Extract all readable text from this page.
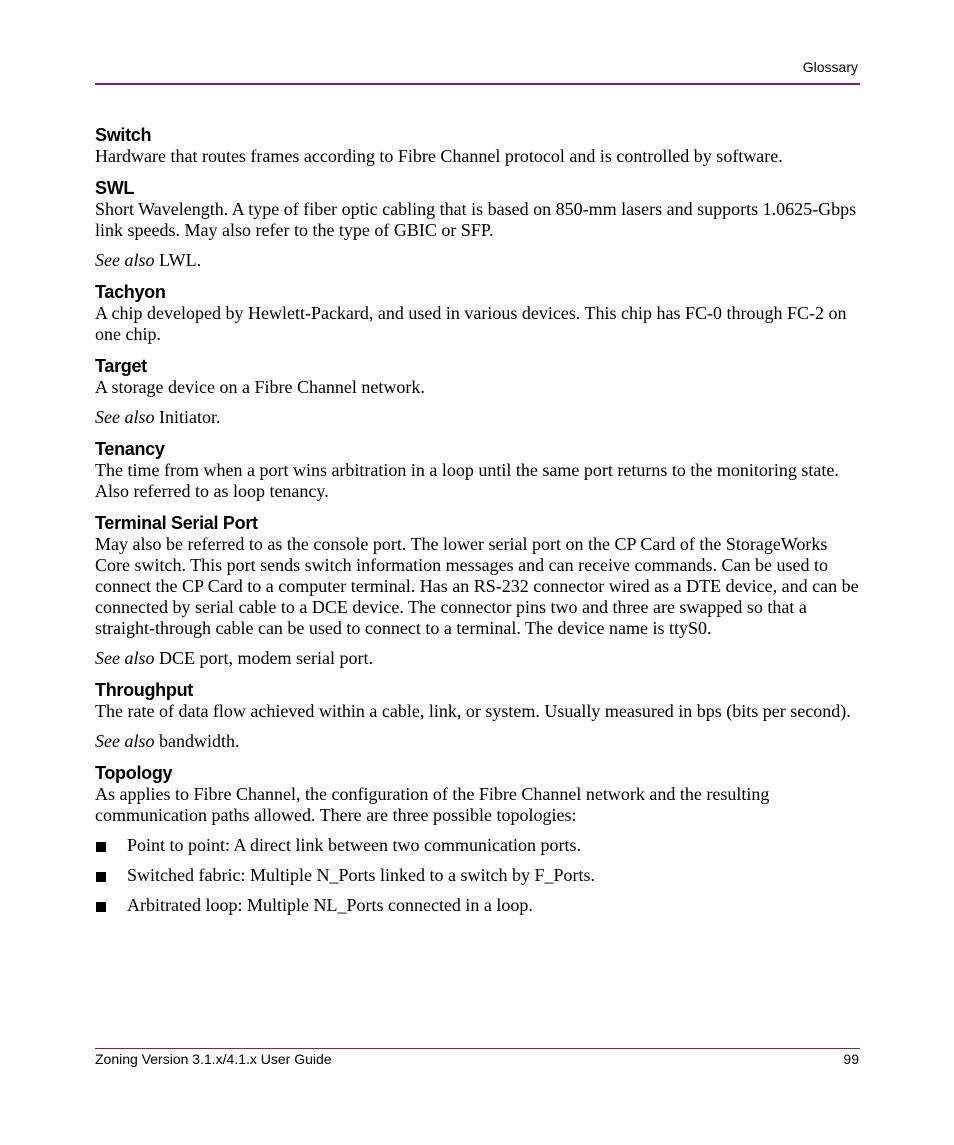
Glossary

Switch

Hardware that routes frames according to Fibre Channel protocol and is controlled by software.

SWL

Short Wavelength. A type of fiber optic cabling that is based on 850-mm lasers and supports 1.0625-Gbps link speeds. May also refer to the type of GBIC or SFP.

See also LWL.

Tachyon

A chip developed by Hewlett-Packard, and used in various devices. This chip has FC-0 through FC-2 on one chip.

Target

A storage device on a Fibre Channel network.

See also Initiator.

Tenancy

The time from when a port wins arbitration in a loop until the same port returns to the monitoring state. Also referred to as loop tenancy.

Terminal Serial Port

May also be referred to as the console port. The lower serial port on the CP Card of the StorageWorks Core switch. This port sends switch information messages and can receive commands. Can be used to connect the CP Card to a computer terminal. Has an RS-232 connector wired as a DTE device, and can be connected by serial cable to a DCE device. The connector pins two and three are swapped so that a straight-through cable can be used to connect to a terminal. The device name is ttyS0.

See also DCE port, modem serial port.

Throughput

The rate of data flow achieved within a cable, link, or system. Usually measured in bps (bits per second).

See also bandwidth.

Topology

As applies to Fibre Channel, the configuration of the Fibre Channel network and the resulting communication paths allowed. There are three possible topologies:

Point to point: A direct link between two communication ports.
Switched fabric: Multiple N_Ports linked to a switch by F_Ports.
Arbitrated loop: Multiple NL_Ports connected in a loop.
Zoning Version 3.1.x/4.1.x User Guide	99
